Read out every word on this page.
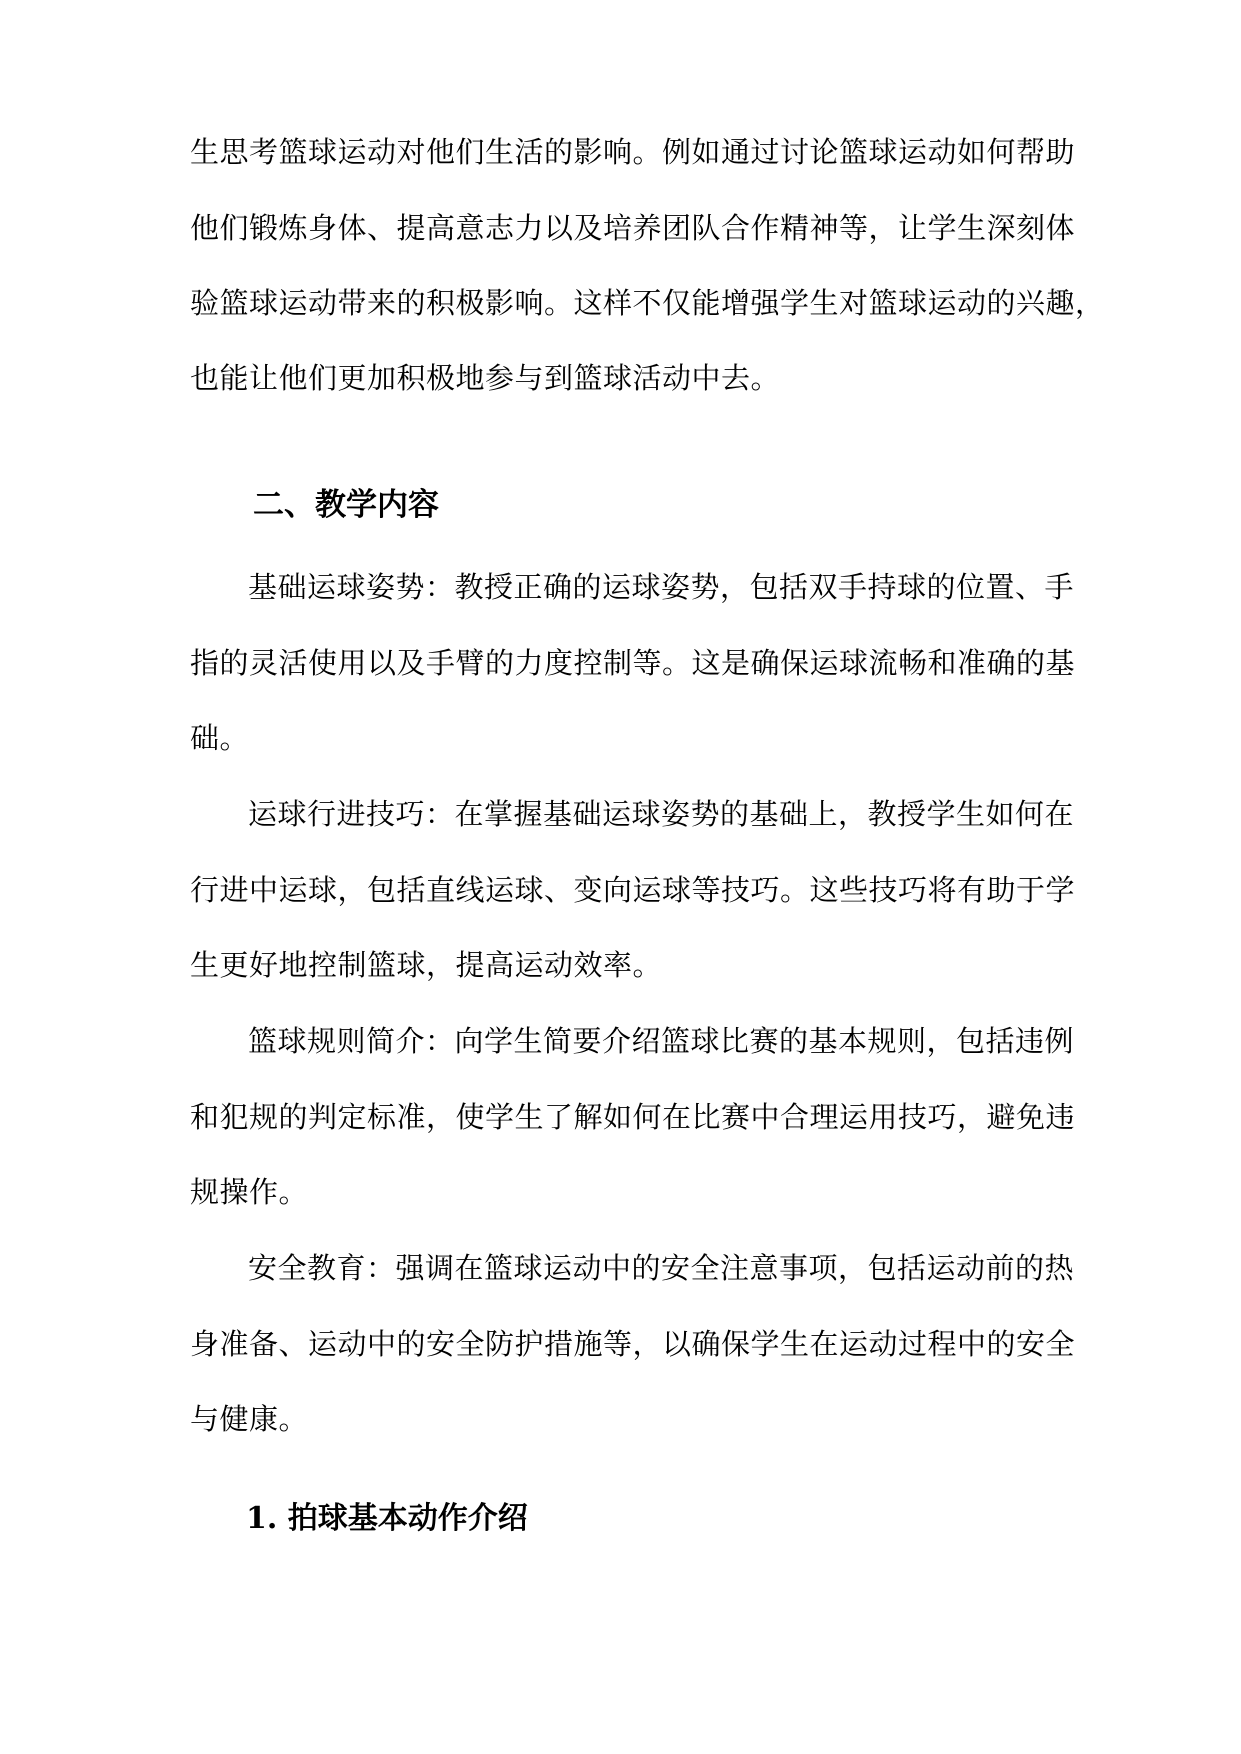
生思考篮球运动对他们生活的影响。例如通过讨论篮球运动如何帮助
他们锻炼身体、提高意志力以及培养团队合作精神等，让学生深刻体
验篮球运动带来的积极影响。这样不仅能增强学生对篮球运动的兴趣，
也能让他们更加积极地参与到篮球活动中去。
二、教学内容
基础运球姿势：教授正确的运球姿势，包括双手持球的位置、手
指的灵活使用以及手臂的力度控制等。这是确保运球流畅和准确的基
础。
运球行进技巧：在掌握基础运球姿势的基础上，教授学生如何在
行进中运球，包括直线运球、变向运球等技巧。这些技巧将有助于学
生更好地控制篮球，提高运动效率。
篮球规则简介：向学生简要介绍篮球比赛的基本规则，包括违例
和犯规的判定标准，使学生了解如何在比赛中合理运用技巧，避免违
规操作。
安全教育：强调在篮球运动中的安全注意事项，包括运动前的热
身准备、运动中的安全防护措施等，以确保学生在运动过程中的安全
与健康。
1. 拍球基本动作介绍
